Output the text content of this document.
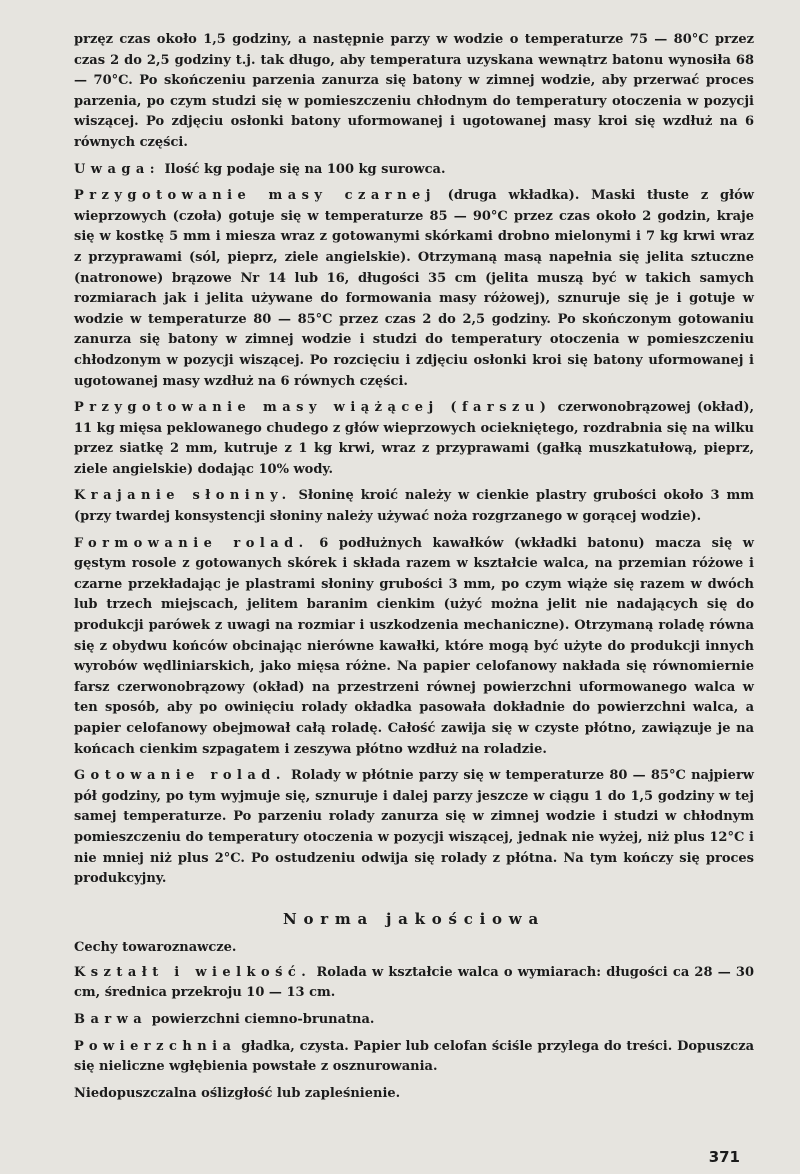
przęz czas około 1,5 godziny, a następnie parzy w wodzie o temperaturze 75 — 80°C przez czas 2 do 2,5 godziny t.j. tak długo, aby temperatura uzyskana wewnątrz batonu wynosiła 68 — 70°C. Po skończeniu parzenia zanurza się batony w zimnej wodzie, aby przerwać proces parzenia, po czym studzi się w pomieszczeniu chłodnym do temperatury otoczenia w pozycji wiszącej. Po zdjęciu osłonki batony uformowanej i ugotowanej masy kroi się wzdłuż na 6 równych części.

Uwaga: Ilość kg podaje się na 100 kg surowca.

Przygotowanie masy czarnej (druga wkładka). Maski tłuste z głów wieprzowych (czoła) gotuje się w temperaturze 85 — 90°C przez czas około 2 godzin, kraje się w kostkę 5 mm i miesza wraz z gotowanymi skórkami drobno mielonymi i 7 kg krwi wraz z przyprawami (sól, pieprz, ziele angielskie). Otrzymaną masą napełnia się jelita sztuczne (natronowe) brązowe Nr 14 lub 16, długości 35 cm (jelita muszą być w takich samych rozmiarach jak i jelita używane do formowania masy różowej), sznuruje się je i gotuje w wodzie w temperaturze 80 — 85°C przez czas 2 do 2,5 godziny. Po skończonym gotowaniu zanurza się batony w zimnej wodzie i studzi do temperatury otoczenia w pomieszczeniu chłodzonym w pozycji wiszącej. Po rozcięciu i zdjęciu osłonki kroi się batony uformowanej i ugotowanej masy wzdłuż na 6 równych części.

Przygotowanie masy wiążącej (farszu) czerwonobrązowej (okład), 11 kg mięsa peklowanego chudego z głów wieprzowych ociekniętego, rozdrabnia się na wilku przez siatkę 2 mm, kutruje z 1 kg krwi, wraz z przyprawami (gałką muszkatułową, pieprz, ziele angielskie) dodając 10% wody.

Krajanie słoniny. Słoninę kroić należy w cienkie plastry grubości około 3 mm (przy twardej konsystencji słoniny należy używać noża rozgrzanego w gorącej wodzie).

Formowanie rolad. 6 podłużnych kawałków (wkładki batonu) macza się w gęstym rosole z gotowanych skórek i składa razem w kształcie walca, na przemian różowe i czarne przekładając je plastrami słoniny grubości 3 mm, po czym wiąże się razem w dwóch lub trzech miejscach, jelitem baranim cienkim (użyć można jelit nie nadających się do produkcji parówek z uwagi na rozmiar i uszkodzenia mechaniczne). Otrzymaną roladę równa się z obydwu końców obcinając nierówne kawałki, które mogą być użyte do produkcji innych wyrobów wędliniarskich, jako mięsa różne. Na papier celofanowy nakłada się równomiernie farsz czerwonobrązowy (okład) na przestrzeni równej powierzchni uformowanego walca w ten sposób, aby po owinięciu rolady okładka pasowała dokładnie do powierzchni walca, a papier celofanowy obejmował całą roladę. Całość zawija się w czyste płótno, zawiązuje je na końcach cienkim szpagatem i zeszywa płótno wzdłuż na roladzie.

Gotowanie rolad. Rolady w płótnie parzy się w temperaturze 80 — 85°C najpierw pół godziny, po tym wyjmuje się, sznuruje i dalej parzy jeszcze w ciągu 1 do 1,5 godziny w tej samej temperaturze. Po parzeniu rolady zanurza się w zimnej wodzie i studzi w chłodnym pomieszczeniu do temperatury otoczenia w pozycji wiszącej, jednak nie wyżej, niż plus 12°C i nie mniej niż plus 2°C. Po ostudzeniu odwija się rolady z płótna. Na tym kończy się proces produkcyjny.

Norma jakościowa
Cechy towaroznawcze.

Kształt i wielkość. Rolada w kształcie walca o wymiarach: długości ca 28 — 30 cm, średnica przekroju 10 — 13 cm.

Barwa powierzchni ciemno-brunatna.

Powierzchnia gładka, czysta. Papier lub celofan ściśle przylega do treści. Dopuszcza się nieliczne wgłębienia powstałe z osznurowania.

Niedopuszczalna oślizgłość lub zapleśnienie.

371
